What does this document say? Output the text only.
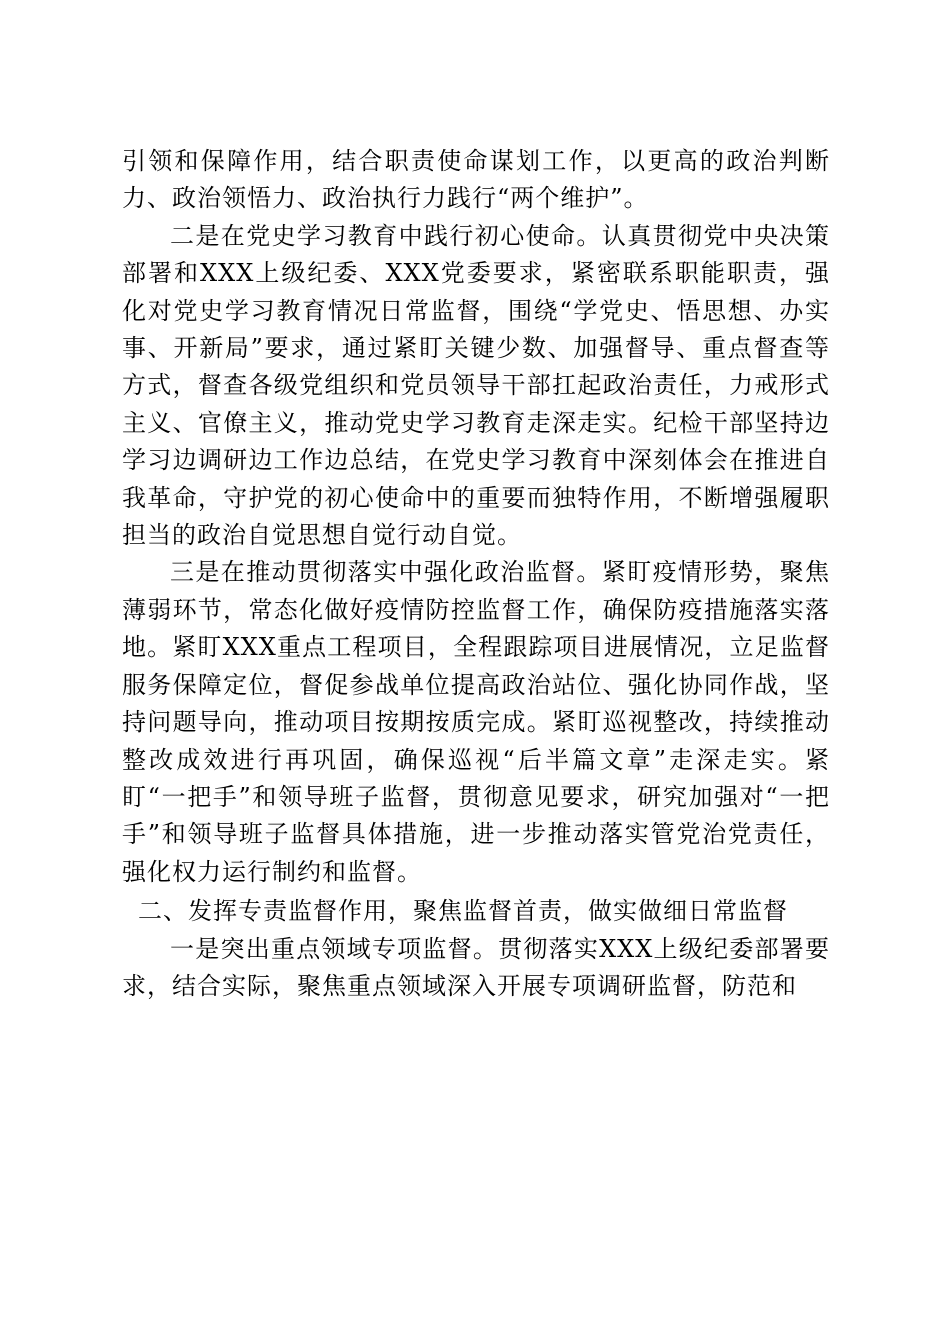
引领和保障作用，结合职责使命谋划工作，以更高的政治判断力、政治领悟力、政治执行力践行“两个维护”。

二是在党史学习教育中践行初心使命。认真贯彻党中央决策部署和XXX上级纪委、XXX党委要求，紧密联系职能职责，强化对党史学习教育情况日常监督，围绕“学党史、悟思想、办实事、开新局”要求，通过紧盯关键少数、加强督导、重点督查等方式，督查各级党组织和党员领导干部扛起政治责任，力戒形式主义、官僚主义，推动党史学习教育走深走实。纪检干部坚持边学习边调研边工作边总结，在党史学习教育中深刻体会在推进自我革命，守护党的初心使命中的重要而独特作用，不断增强履职担当的政治自觉思想自觉行动自觉。

三是在推动贯彻落实中强化政治监督。紧盯疫情形势，聚焦薄弱环节，常态化做好疫情防控监督工作，确保防疫措施落实落地。紧盯XXX重点工程项目，全程跟踪项目进展情况，立足监督服务保障定位，督促参战单位提高政治站位、强化协同作战，坚持问题导向，推动项目按期按质完成。紧盯巡视整改，持续推动整改成效进行再巩固，确保巡视“后半篇文章”走深走实。紧盯“一把手”和领导班子监督，贯彻意见要求，研究加强对“一把手”和领导班子监督具体措施，进一步推动落实管党治党责任，强化权力运行制约和监督。

二、发挥专责监督作用，聚焦监督首责，做实做细日常监督

一是突出重点领域专项监督。贯彻落实XXX上级纪委部署要求，结合实际，聚焦重点领域深入开展专项调研监督，防范和
